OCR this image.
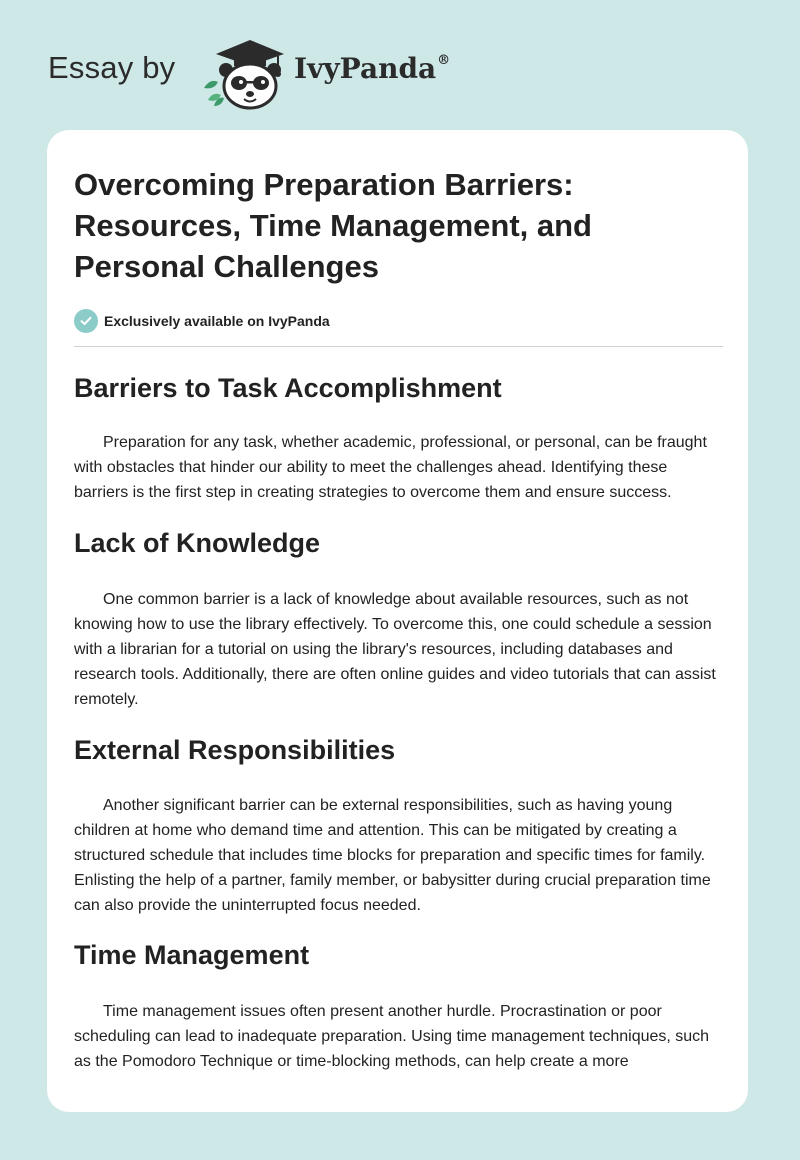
Essay by	IvyPanda®
Overcoming Preparation Barriers: Resources, Time Management, and Personal Challenges
Exclusively available on IvyPanda
Barriers to Task Accomplishment

Preparation for any task, whether academic, professional, or personal, can be fraught with obstacles that hinder our ability to meet the challenges ahead. Identifying these barriers is the first step in creating strategies to overcome them and ensure success.

Lack of Knowledge

One common barrier is a lack of knowledge about available resources, such as not knowing how to use the library effectively. To overcome this, one could schedule a session with a librarian for a tutorial on using the library's resources, including databases and research tools. Additionally, there are often online guides and video tutorials that can assist remotely.

External Responsibilities

Another significant barrier can be external responsibilities, such as having young children at home who demand time and attention. This can be mitigated by creating a structured schedule that includes time blocks for preparation and specific times for family. Enlisting the help of a partner, family member, or babysitter during crucial preparation time can also provide the uninterrupted focus needed.

Time Management

Time management issues often present another hurdle. Procrastination or poor scheduling can lead to inadequate preparation. Using time management techniques, such as the Pomodoro Technique or time-blocking methods, can help create a more
